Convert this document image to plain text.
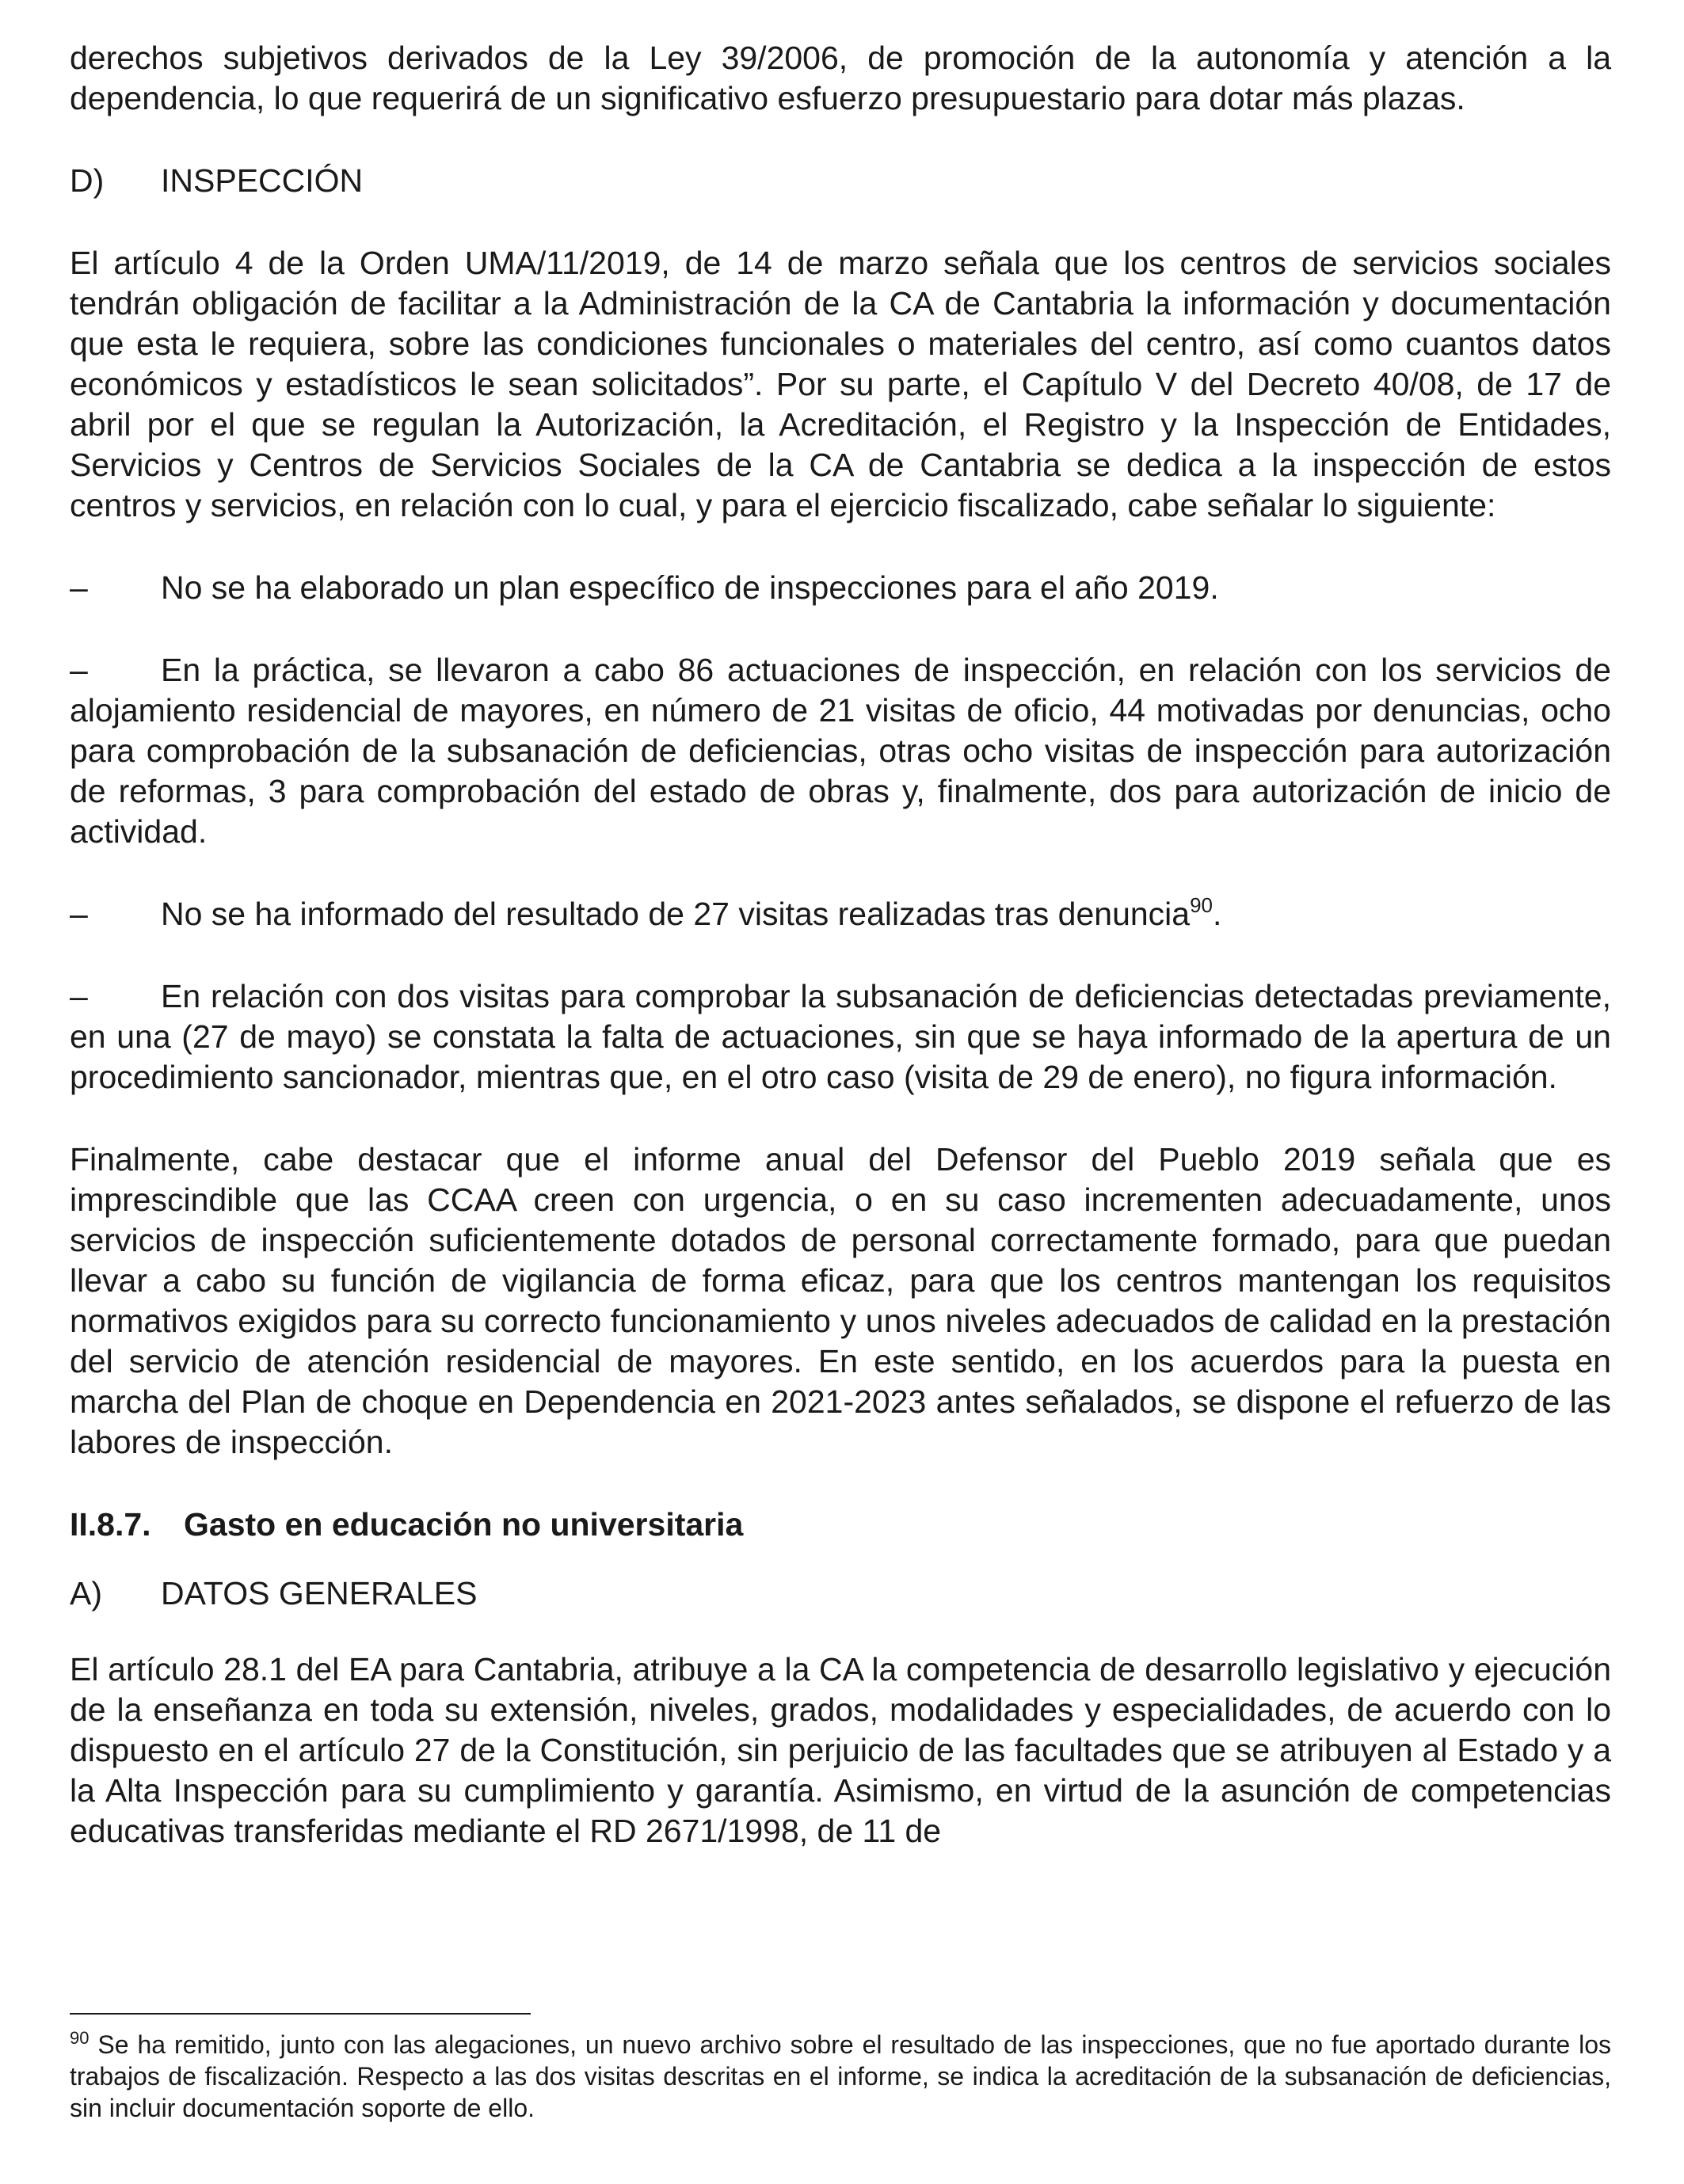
derechos subjetivos derivados de la Ley 39/2006, de promoción de la autonomía y atención a la dependencia, lo que requerirá de un significativo esfuerzo presupuestario para dotar más plazas.

D)	INSPECCIÓN

El artículo 4 de la Orden UMA/11/2019, de 14 de marzo señala que los centros de servicios sociales tendrán obligación de facilitar a la Administración de la CA de Cantabria la información y documentación que esta le requiera, sobre las condiciones funcionales o materiales del centro, así como cuantos datos económicos y estadísticos le sean solicitados”. Por su parte, el Capítulo V del Decreto 40/08, de 17 de abril por el que se regulan la Autorización, la Acreditación, el Registro y la Inspección de Entidades, Servicios y Centros de Servicios Sociales de la CA de Cantabria se dedica a la inspección de estos centros y servicios, en relación con lo cual, y para el ejercicio fiscalizado, cabe señalar lo siguiente:

– No se ha elaborado un plan específico de inspecciones para el año 2019.

– En la práctica, se llevaron a cabo 86 actuaciones de inspección, en relación con los servicios de alojamiento residencial de mayores, en número de 21 visitas de oficio, 44 motivadas por denuncias, ocho para comprobación de la subsanación de deficiencias, otras ocho visitas de inspección para autorización de reformas, 3 para comprobación del estado de obras y, finalmente, dos para autorización de inicio de actividad.

– No se ha informado del resultado de 27 visitas realizadas tras denuncia$^{90}$.

– En relación con dos visitas para comprobar la subsanación de deficiencias detectadas previamente, en una (27 de mayo) se constata la falta de actuaciones, sin que se haya informado de la apertura de un procedimiento sancionador, mientras que, en el otro caso (visita de 29 de enero), no figura información.

Finalmente, cabe destacar que el informe anual del Defensor del Pueblo 2019 señala que es imprescindible que las CCAA creen con urgencia, o en su caso incrementen adecuadamente, unos servicios de inspección suficientemente dotados de personal correctamente formado, para que puedan llevar a cabo su función de vigilancia de forma eficaz, para que los centros mantengan los requisitos normativos exigidos para su correcto funcionamiento y unos niveles adecuados de calidad en la prestación del servicio de atención residencial de mayores. En este sentido, en los acuerdos para la puesta en marcha del Plan de choque en Dependencia en 2021-2023 antes señalados, se dispone el refuerzo de las labores de inspección.

II.8.7.	Gasto en educación no universitaria
A)	DATOS GENERALES

El artículo 28.1 del EA para Cantabria, atribuye a la CA la competencia de desarrollo legislativo y ejecución de la enseñanza en toda su extensión, niveles, grados, modalidades y especialidades, de acuerdo con lo dispuesto en el artículo 27 de la Constitución, sin perjuicio de las facultades que se atribuyen al Estado y a la Alta Inspección para su cumplimiento y garantía. Asimismo, en virtud de la asunción de competencias educativas transferidas mediante el RD 2671/1998, de 11 de

$^{90}$ Se ha remitido, junto con las alegaciones, un nuevo archivo sobre el resultado de las inspecciones, que no fue aportado durante los trabajos de fiscalización. Respecto a las dos visitas descritas en el informe, se indica la acreditación de la subsanación de deficiencias, sin incluir documentación soporte de ello.
